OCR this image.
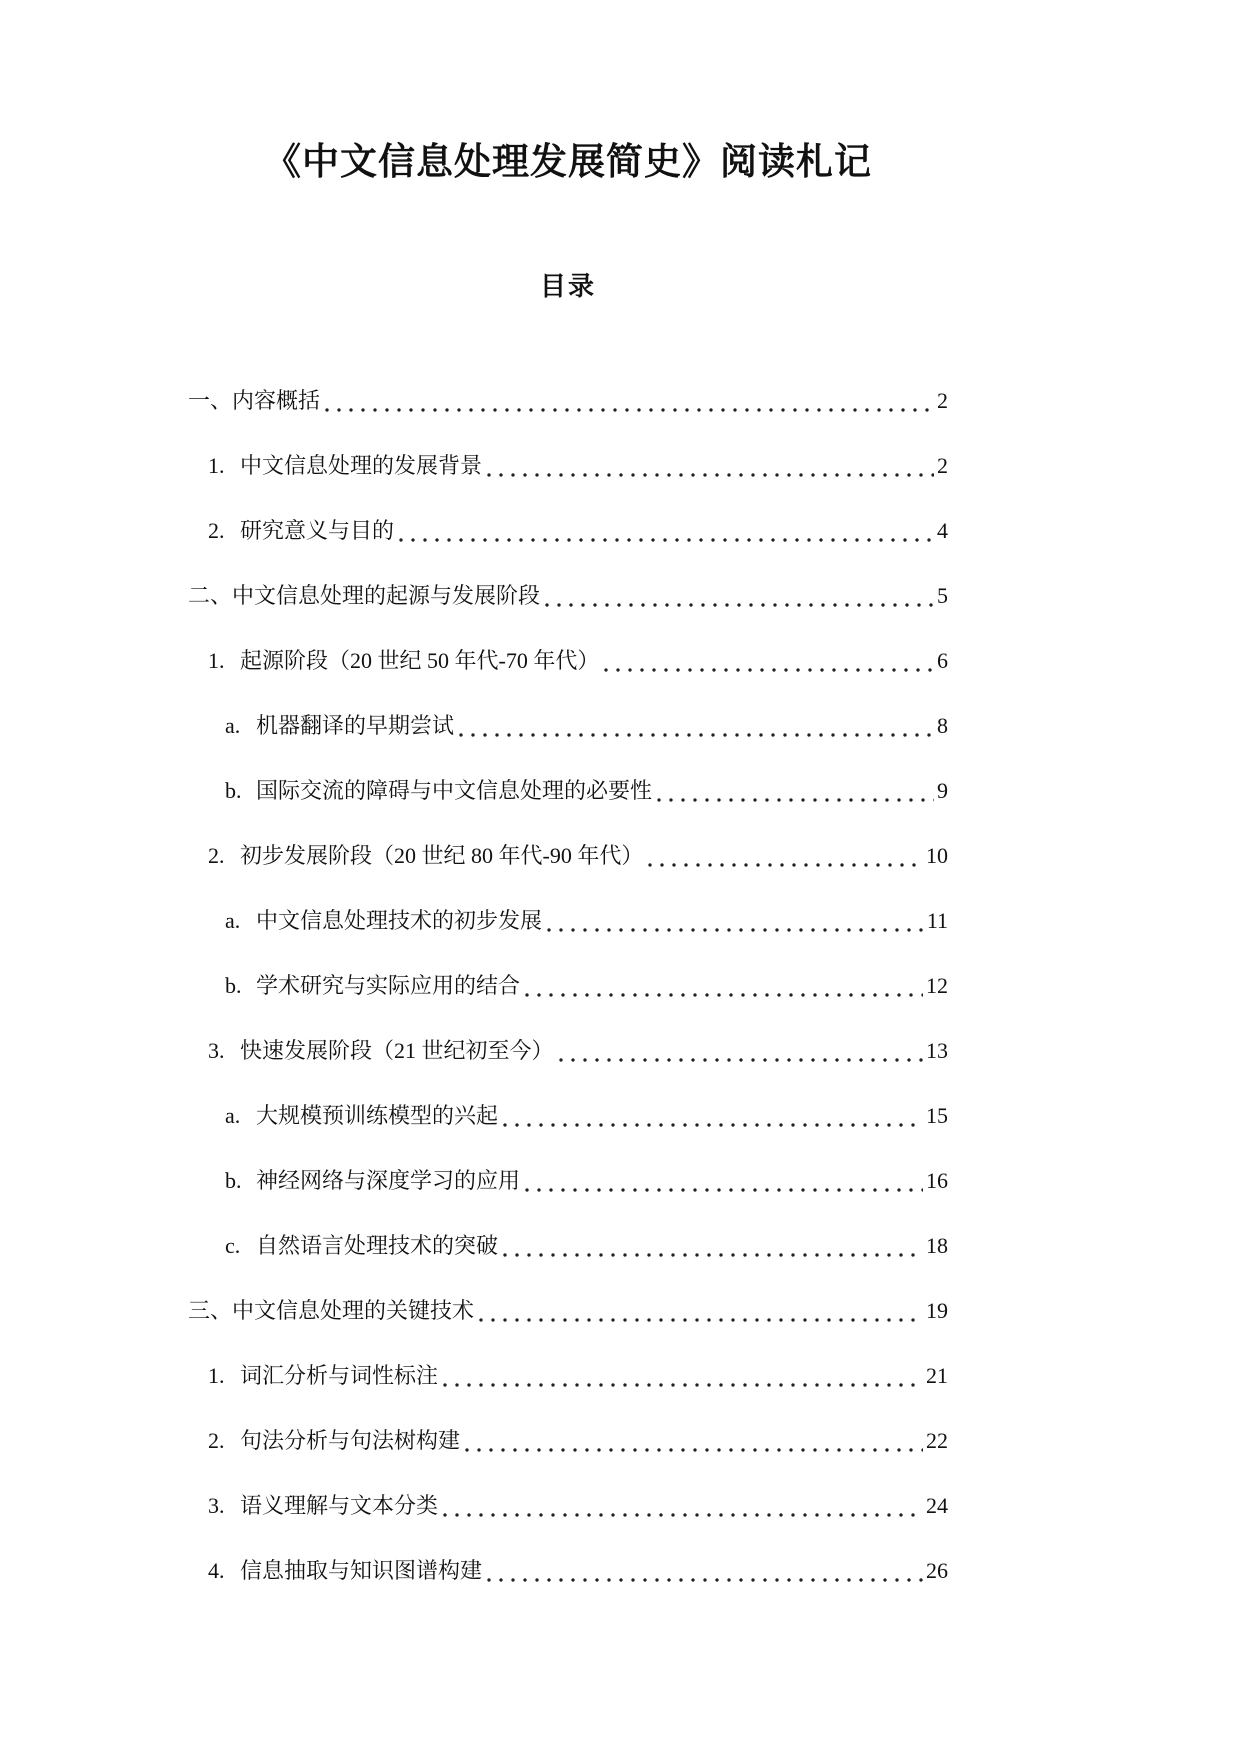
《中文信息处理发展简史》阅读札记
目录
一、 内容概括	2
1. 中文信息处理的发展背景	2
2. 研究意义与目的	4
二、 中文信息处理的起源与发展阶段	5
1. 起源阶段（20 世纪 50 年代-70 年代）	6
a. 机器翻译的早期尝试	8
b. 国际交流的障碍与中文信息处理的必要性	9
2. 初步发展阶段（20 世纪 80 年代-90 年代）	10
a. 中文信息处理技术的初步发展	11
b. 学术研究与实际应用的结合	12
3. 快速发展阶段（21 世纪初至今）	13
a. 大规模预训练模型的兴起	15
b. 神经网络与深度学习的应用	16
c. 自然语言处理技术的突破	18
三、 中文信息处理的关键技术	19
1. 词汇分析与词性标注	21
2. 句法分析与句法树构建	22
3. 语义理解与文本分类	24
4. 信息抽取与知识图谱构建	26
